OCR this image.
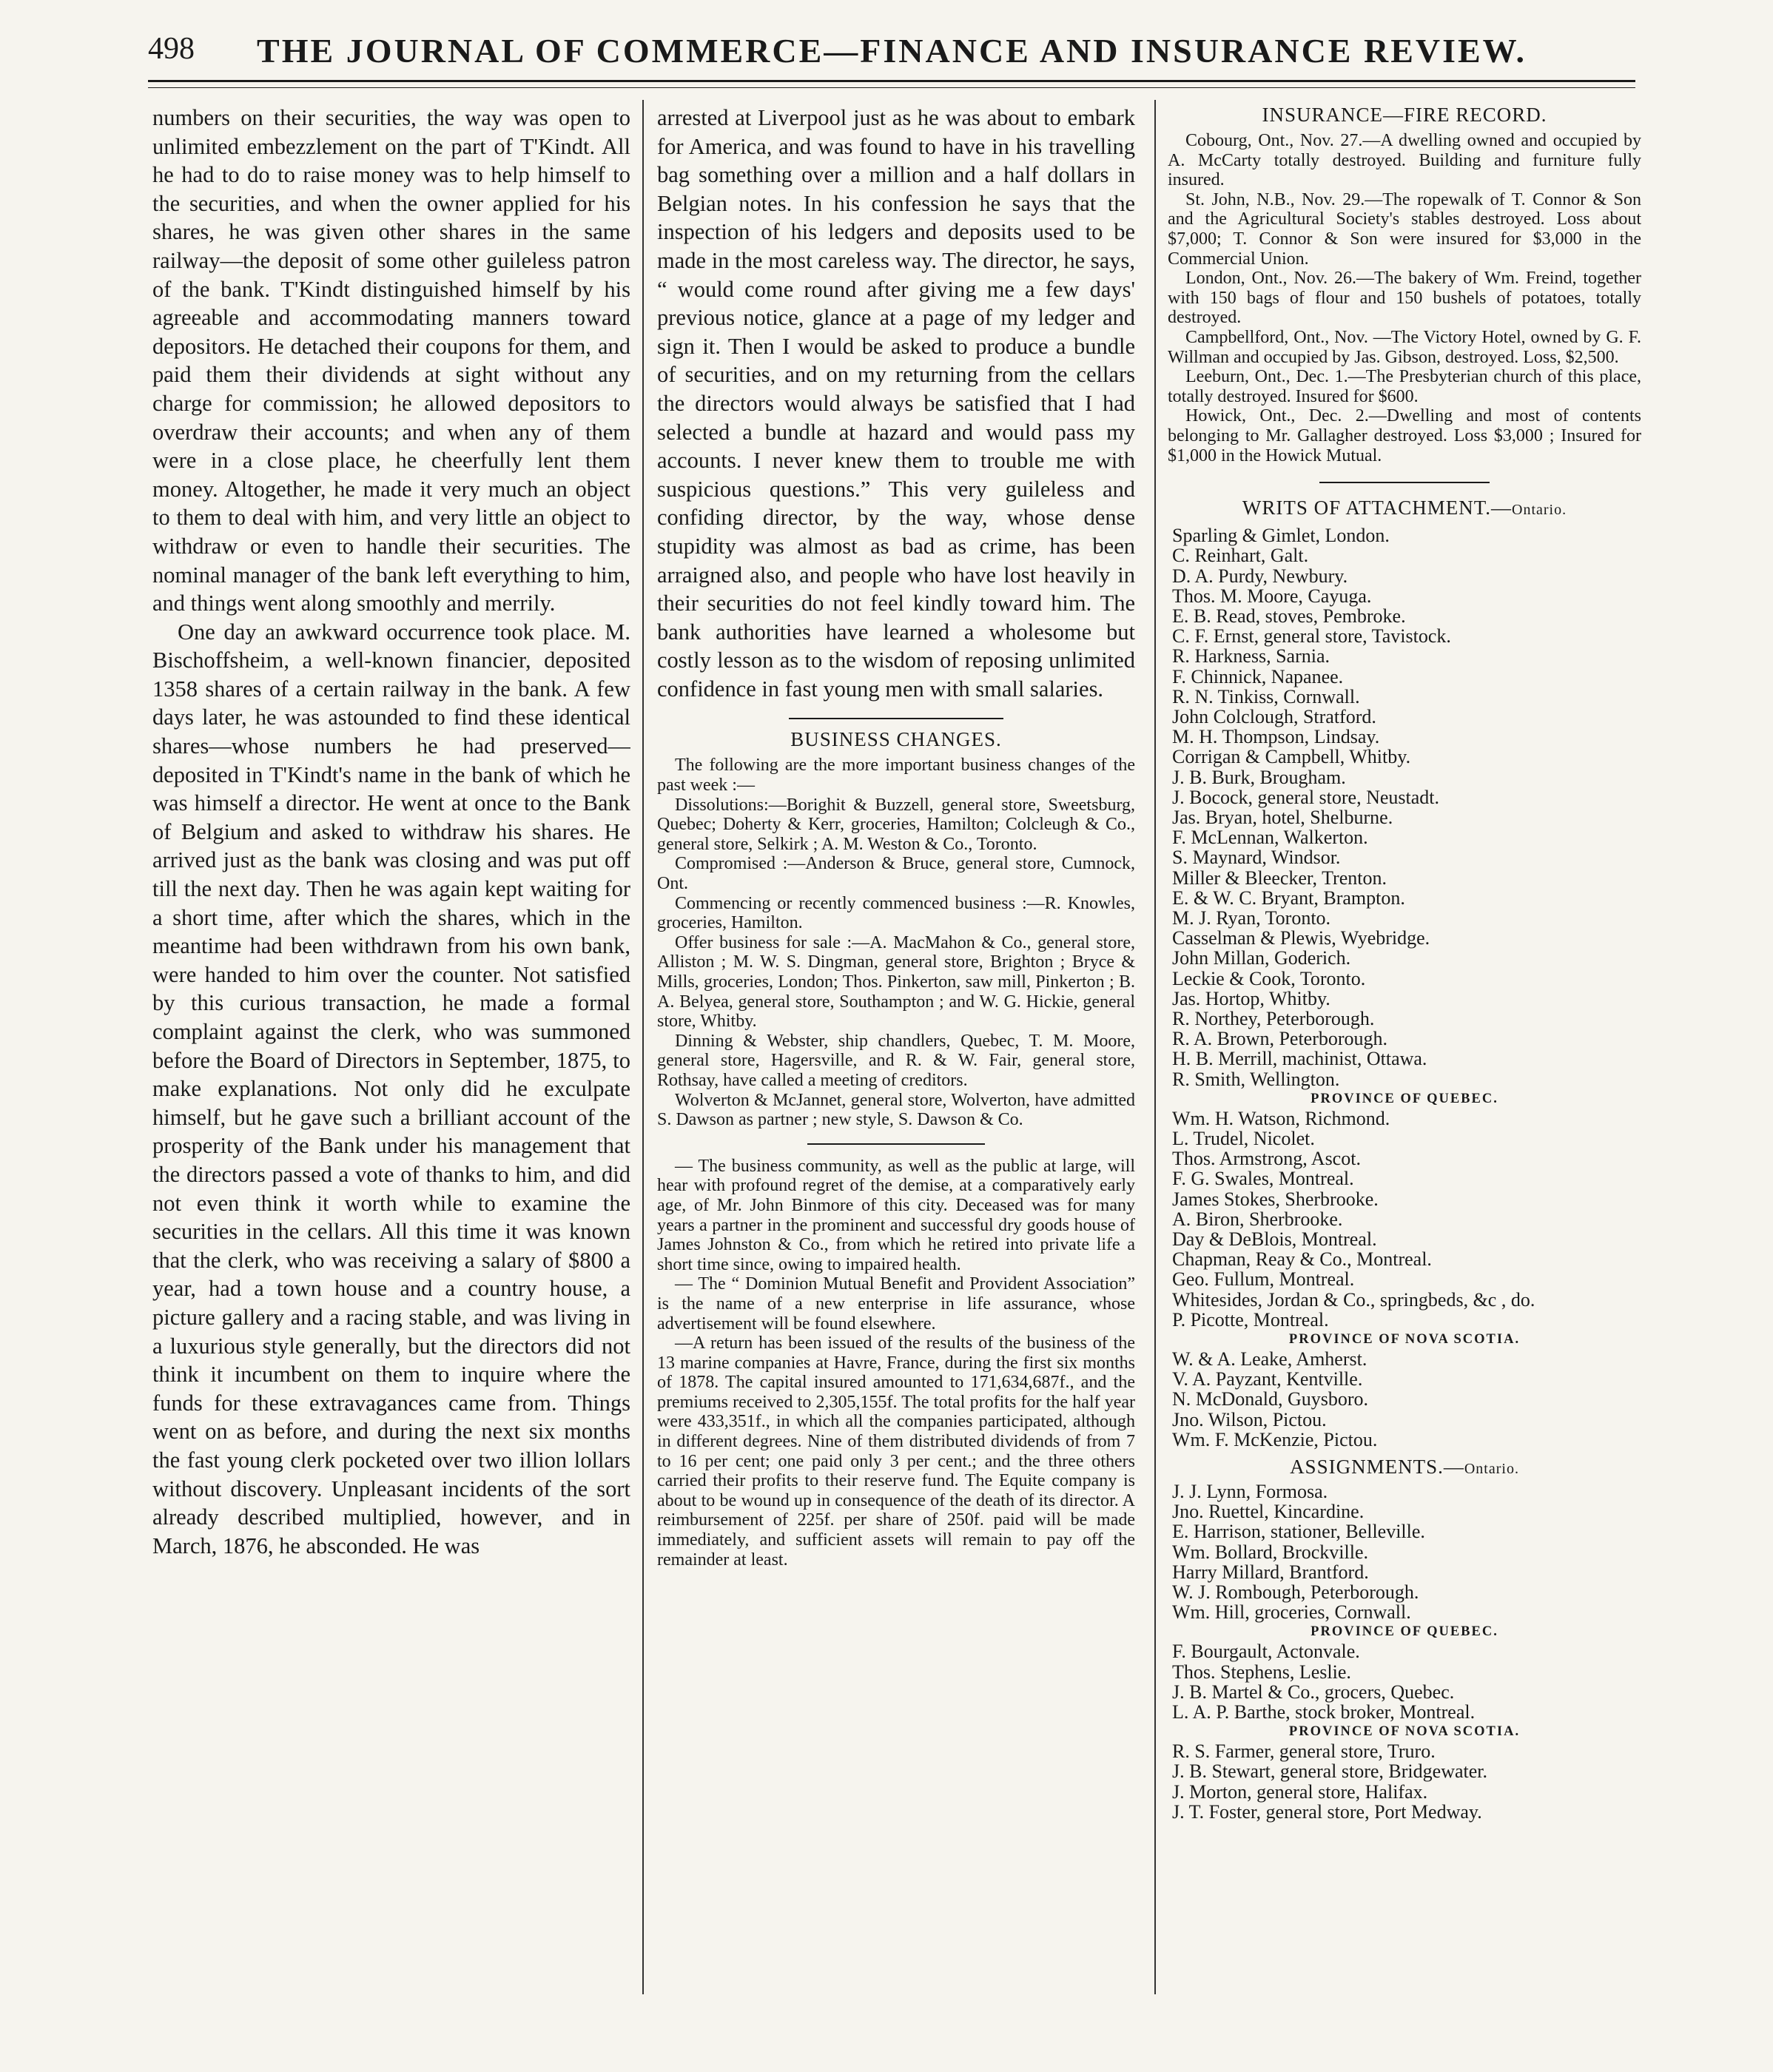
498	THE JOURNAL OF COMMERCE—FINANCE AND INSURANCE REVIEW.

numbers on their securities, the way was open to unlimited embezzlement on the part of T'Kindt. All he had to do to raise money was to help himself to the securities, and when the owner applied for his shares, he was given other shares in the same railway—the deposit of some other guileless patron of the bank. T'Kindt distinguished himself by his agreeable and accommodating manners toward depositors. He detached their coupons for them, and paid them their dividends at sight without any charge for commission; he allowed depositors to overdraw their accounts; and when any of them were in a close place, he cheerfully lent them money. Altogether, he made it very much an object to them to deal with him, and very little an object to withdraw or even to handle their securities. The nominal manager of the bank left everything to him, and things went along smoothly and merrily.

One day an awkward occurrence took place. M. Bischoffsheim, a well-known financier, deposited 1358 shares of a certain railway in the bank. A few days later, he was astounded to find these identical shares—whose numbers he had preserved—deposited in T'Kindt's name in the bank of which he was himself a director. He went at once to the Bank of Belgium and asked to withdraw his shares. He arrived just as the bank was closing and was put off till the next day. Then he was again kept waiting for a short time, after which the shares, which in the meantime had been withdrawn from his own bank, were handed to him over the counter. Not satisfied by this curious transaction, he made a formal complaint against the clerk, who was summoned before the Board of Directors in September, 1875, to make explanations. Not only did he exculpate himself, but he gave such a brilliant account of the prosperity of the Bank under his management that the directors passed a vote of thanks to him, and did not even think it worth while to examine the securities in the cellars. All this time it was known that the clerk, who was receiving a salary of $800 a year, had a town house and a country house, a picture gallery and a racing stable, and was living in a luxurious style generally, but the directors did not think it incumbent on them to inquire where the funds for these extravagances came from. Things went on as before, and during the next six months the fast young clerk pocketed over two illion lollars without discovery. Unpleasant incidents of the sort already described multiplied, however, and in March, 1876, he absconded. He was

arrested at Liverpool just as he was about to embark for America, and was found to have in his travelling bag something over a million and a half dollars in Belgian notes. In his confession he says that the inspection of his ledgers and deposits used to be made in the most careless way. The director, he says, “ would come round after giving me a few days' previous notice, glance at a page of my ledger and sign it. Then I would be asked to produce a bundle of securities, and on my returning from the cellars the directors would always be satisfied that I had selected a bundle at hazard and would pass my accounts. I never knew them to trouble me with suspicious questions.” This very guileless and confiding director, by the way, whose dense stupidity was almost as bad as crime, has been arraigned also, and people who have lost heavily in their securities do not feel kindly toward him. The bank authorities have learned a wholesome but costly lesson as to the wisdom of reposing unlimited confidence in fast young men with small salaries.

BUSINESS CHANGES.

The following are the more important business changes of the past week :—

Dissolutions:—Borighit & Buzzell, general store, Sweetsburg, Quebec; Doherty & Kerr, groceries, Hamilton; Colcleugh & Co., general store, Selkirk ; A. M. Weston & Co., Toronto.

Compromised :—Anderson & Bruce, general store, Cumnock, Ont.

Commencing or recently commenced business :—R. Knowles, groceries, Hamilton.

Offer business for sale :—A. MacMahon & Co., general store, Alliston ; M. W. S. Dingman, general store, Brighton ; Bryce & Mills, groceries, London; Thos. Pinkerton, saw mill, Pinkerton ; B. A. Belyea, general store, Southampton ; and W. G. Hickie, general store, Whitby.

Dinning & Webster, ship chandlers, Quebec, T. M. Moore, general store, Hagersville, and R. & W. Fair, general store, Rothsay, have called a meeting of creditors.

Wolverton & McJannet, general store, Wolverton, have admitted S. Dawson as partner ; new style, S. Dawson & Co.

— The business community, as well as the public at large, will hear with profound regret of the demise, at a comparatively early age, of Mr. John Binmore of this city. Deceased was for many years a partner in the prominent and successful dry goods house of James Johnston & Co., from which he retired into private life a short time since, owing to impaired health.

— The “ Dominion Mutual Benefit and Provident Association” is the name of a new enterprise in life assurance, whose advertisement will be found elsewhere.

—A return has been issued of the results of the business of the 13 marine companies at Havre, France, during the first six months of 1878. The capital insured amounted to 171,634,687f., and the premiums received to 2,305,155f. The total profits for the half year were 433,351f., in which all the companies participated, although in different degrees. Nine of them distributed dividends of from 7 to 16 per cent; one paid only 3 per cent.; and the three others carried their profits to their reserve fund. The Equite company is about to be wound up in consequence of the death of its director. A reimbursement of 225f. per share of 250f. paid will be made immediately, and sufficient assets will remain to pay off the remainder at least.

INSURANCE—FIRE RECORD.

Cobourg, Ont., Nov. 27.—A dwelling owned and occupied by A. McCarty totally destroyed. Building and furniture fully insured.

St. John, N.B., Nov. 29.—The ropewalk of T. Connor & Son and the Agricultural Society's stables destroyed. Loss about $7,000; T. Connor & Son were insured for $3,000 in the Commercial Union.

London, Ont., Nov. 26.—The bakery of Wm. Freind, together with 150 bags of flour and 150 bushels of potatoes, totally destroyed.

Campbellford, Ont., Nov. —The Victory Hotel, owned by G. F. Willman and occupied by Jas. Gibson, destroyed. Loss, $2,500.

Leeburn, Ont., Dec. 1.—The Presbyterian church of this place, totally destroyed. Insured for $600.

Howick, Ont., Dec. 2.—Dwelling and most of contents belonging to Mr. Gallagher destroyed. Loss $3,000 ; Insured for $1,000 in the Howick Mutual.

WRITS OF ATTACHMENT.—Ontario.
Sparling & Gimlet, London.
C. Reinhart, Galt.
D. A. Purdy, Newbury.
Thos. M. Moore, Cayuga.
E. B. Read, stoves, Pembroke.
C. F. Ernst, general store, Tavistock.
R. Harkness, Sarnia.
F. Chinnick, Napanee.
R. N. Tinkiss, Cornwall.
John Colclough, Stratford.
M. H. Thompson, Lindsay.
Corrigan & Campbell, Whitby.
J. B. Burk, Brougham.
J. Bocock, general store, Neustadt.
Jas. Bryan, hotel, Shelburne.
F. McLennan, Walkerton.
S. Maynard, Windsor.
Miller & Bleecker, Trenton.
E. & W. C. Bryant, Brampton.
M. J. Ryan, Toronto.
Casselman & Plewis, Wyebridge.
John Millan, Goderich.
Leckie & Cook, Toronto.
Jas. Hortop, Whitby.
R. Northey, Peterborough.
R. A. Brown, Peterborough.
H. B. Merrill, machinist, Ottawa.
R. Smith, Wellington.
PROVINCE OF QUEBEC.
Wm. H. Watson, Richmond.
L. Trudel, Nicolet.
Thos. Armstrong, Ascot.
F. G. Swales, Montreal.
James Stokes, Sherbrooke.
A. Biron, Sherbrooke.
Day & DeBlois, Montreal.
Chapman, Reay & Co., Montreal.
Geo. Fullum, Montreal.
Whitesides, Jordan & Co., springbeds, &c , do.
P. Picotte, Montreal.
PROVINCE OF NOVA SCOTIA.
W. & A. Leake, Amherst.
V. A. Payzant, Kentville.
N. McDonald, Guysboro.
Jno. Wilson, Pictou.
Wm. F. McKenzie, Pictou.
ASSIGNMENTS.—Ontario.
J. J. Lynn, Formosa.
Jno. Ruettel, Kincardine.
E. Harrison, stationer, Belleville.
Wm. Bollard, Brockville.
Harry Millard, Brantford.
W. J. Rombough, Peterborough.
Wm. Hill, groceries, Cornwall.
PROVINCE OF QUEBEC.
F. Bourgault, Actonvale.
Thos. Stephens, Leslie.
J. B. Martel & Co., grocers, Quebec.
L. A. P. Barthe, stock broker, Montreal.
PROVINCE OF NOVA SCOTIA.
R. S. Farmer, general store, Truro.
J. B. Stewart, general store, Bridgewater.
J. Morton, general store, Halifax.
J. T. Foster, general store, Port Medway.
